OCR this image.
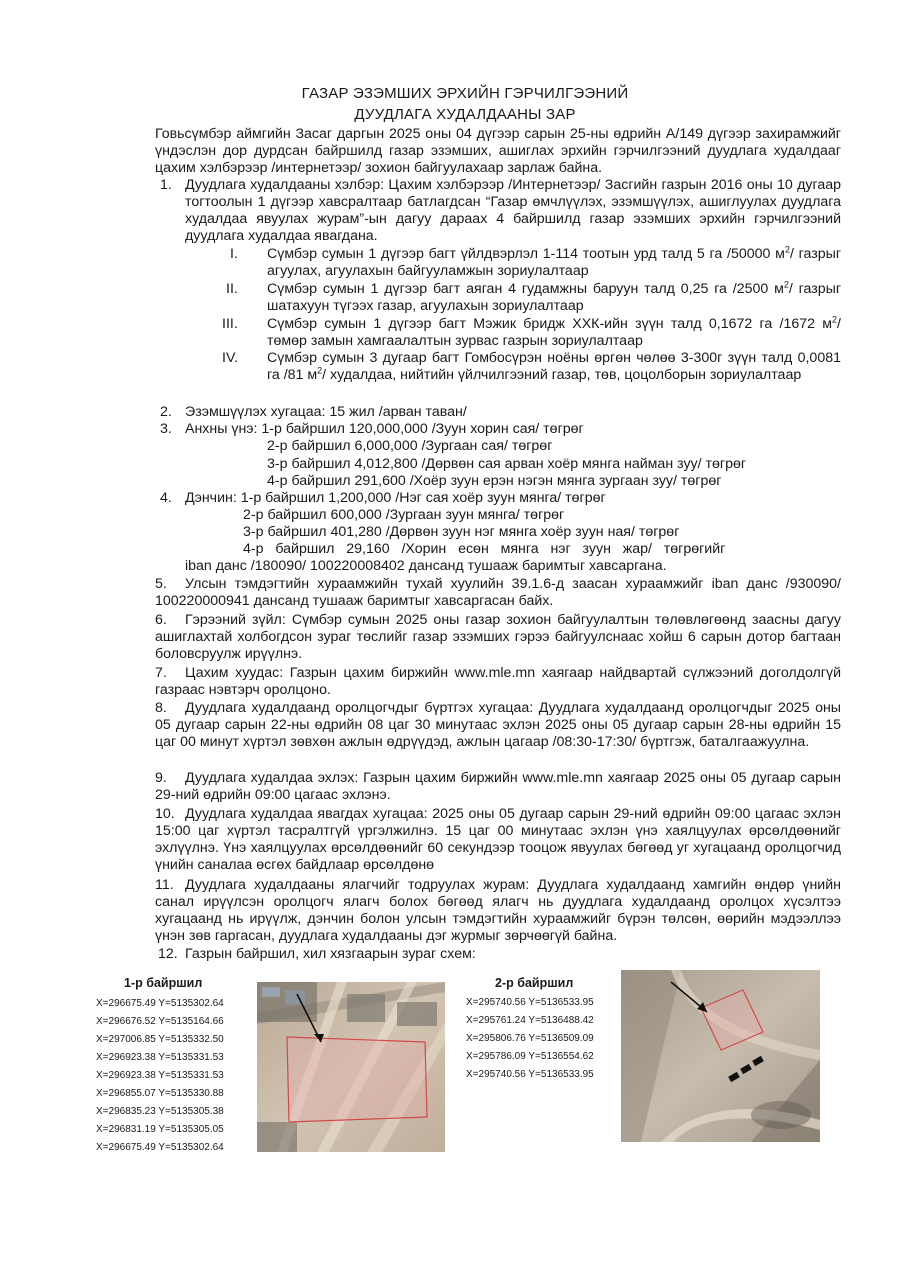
ГАЗАР ЭЗЭМШИХ ЭРХИЙН ГЭРЧИЛГЭЭНИЙ
ДУУДЛАГА ХУДАЛДААНЫ ЗАР
Говьсүмбэр аймгийн Засаг даргын 2025 оны 04 дүгээр сарын 25-ны өдрийн А/149 дүгээр захирамжийг үндэслэн дор дурдсан байршилд газар эзэмших, ашиглах эрхийн гэрчилгээний дуудлага худалдааг цахим хэлбэрээр /интернетээр/ зохион байгуулахаар зарлаж байна.
1. Дуудлага худалдааны хэлбэр: Цахим хэлбэрээр /Интернетээр/ Засгийн газрын 2016 оны 10 дугаар тогтоолын 1 дүгээр хавсралтаар батлагдсан “Газар өмчлүүлэх, эзэмшүүлэх, ашиглуулах дуудлага худалдаа явуулах журам”-ын дагуу дараах 4 байршилд газар эзэмших эрхийн гэрчилгээний дуудлага худалдаа явагдана.
I. Сүмбэр сумын 1 дүгээр багт үйлдвэрлэл 1-114 тоотын урд талд 5 га /50000 $м^2/$ газрыг агуулах, агуулахын байгууламжын зориулалтаар
II. Сүмбэр сумын 1 дүгээр багт аяган 4 гудамжны баруун талд 0,25 га /2500 $м^2/$ газрыг шатахуун түгээх газар, агуулахын зориулалтаар
III. Сүмбэр сумын 1 дүгээр багт Мэжик бридж ХХК-ийн зүүн талд 0,1672 га /1672 $м^2/$ төмөр замын хамгаалалтын зурвас газрын зориулалтаар
IV. Сүмбэр сумын 3 дугаар багт Гомбосүрэн ноёны өргөн чөлөө 3-300г зүүн талд 0,0081 га /81 $м^2/$ худалдаа, нийтийн үйлчилгээний газар, төв, цоцолборын зориулалтаар
2. Эзэмшүүлэх хугацаа: 15 жил /арван таван/
3. Анхны үнэ: 1-р байршил 120,000,000 /Зуун хорин сая/ төгрөг
2-р байршил 6,000,000 /Зургаан сая/ төгрөг
3-р байршил 4,012,800 /Дөрвөн сая арван хоёр мянга найман зуу/ төгрөг
4-р байршил 291,600 /Хоёр зуун ерэн нэгэн мянга зургаан зуу/ төгрөг
4. Дэнчин: 1-р байршил 1,200,000 /Нэг сая хоёр зуун мянга/ төгрөг
2-р байршил 600,000 /Зургаан зуун мянга/ төгрөг
3-р байршил 401,280 /Дөрвөн зуун нэг мянга хоёр зуун ная/ төгрөг
4-р   байршил   29,160   /Хорин   есөн   мянга   нэг   зуун   жар/   төгрөгийг
iban данс /180090/ 100220008402 дансанд тушааж баримтыг хавсаргана.
5. Улсын тэмдэгтийн хураамжийн тухай хуулийн 39.1.6-д заасан хураамжийг iban данс /930090/ 100220000941 дансанд тушааж баримтыг хавсаргасан байх.
6. Гэрээний зүйл: Сүмбэр сумын 2025 оны газар зохион байгуулалтын төлөвлөгөөнд заасны дагуу ашиглахтай холбогдсон зураг төслийг газар эзэмших гэрээ байгуулснаас хойш 6 сарын дотор багтаан боловсруулж ирүүлнэ.
7. Цахим хуудас: Газрын цахим биржийн www.mle.mn хаягаар найдвартай сүлжээний доголдолгүй газраас нэвтэрч оролцоно.
8. Дуудлага худалдаанд оролцогчдыг бүртгэх хугацаа: Дуудлага худалдаанд оролцогчдыг 2025 оны 05 дугаар сарын 22-ны өдрийн 08 цаг 30 минутаас эхлэн 2025 оны 05 дугаар сарын 28-ны өдрийн 15 цаг 00 минут хүртэл зөвхөн ажлын өдрүүдэд, ажлын цагаар /08:30-17:30/ бүртгэж, баталгаажуулна.
9. Дуудлага худалдаа эхлэх: Газрын цахим биржийн www.mle.mn хаягаар 2025 оны 05 дугаар сарын 29-ний өдрийн 09:00 цагаас эхлэнэ.
10. Дуудлага худалдаа явагдах хугацаа: 2025 оны 05 дугаар сарын 29-ний өдрийн 09:00 цагаас эхлэн 15:00 цаг хүртэл тасралтгүй үргэлжилнэ. 15 цаг 00 минутаас эхлэн үнэ хаялцуулах өрсөлдөөнийг эхлүүлнэ. Үнэ хаялцуулах өрсөлдөөнийг 60 секундээр тооцож явуулах бөгөөд уг хугацаанд оролцогчид үнийн саналаа өсгөх байдлаар өрсөлдөнө
11. Дуудлага худалдааны ялагчийг тодруулах журам: Дуудлага худалдаанд хамгийн өндөр үнийн санал ирүүлсэн оролцогч ялагч болох бөгөөд ялагч нь дуудлага худалдаанд оролцох хүсэлтээ хугацаанд нь ирүүлж, дэнчин болон улсын тэмдэгтийн хураамжийг бүрэн төлсөн, өөрийн мэдээллээ үнэн зөв гаргасан, дуудлага худалдааны дэг журмыг зөрчөөгүй байна.
12. Газрын байршил, хил хязгаарын зураг схем:
1-р байршил
X=296675.49 Y=5135302.64
X=296676.52 Y=5135164.66
X=297006.85 Y=5135332.50
X=296923.38 Y=5135331.53
X=296923.38 Y=5135331.53
X=296855.07 Y=5135330.88
X=296835.23 Y=5135305.38
X=296831.19 Y=5135305.05
X=296675.49 Y=5135302.64
2-р байршил
X=295740.56 Y=5136533.95
X=295761.24 Y=5136488.42
X=295806.76 Y=5136509.09
X=295786.09 Y=5136554.62
X=295740.56 Y=5136533.95
